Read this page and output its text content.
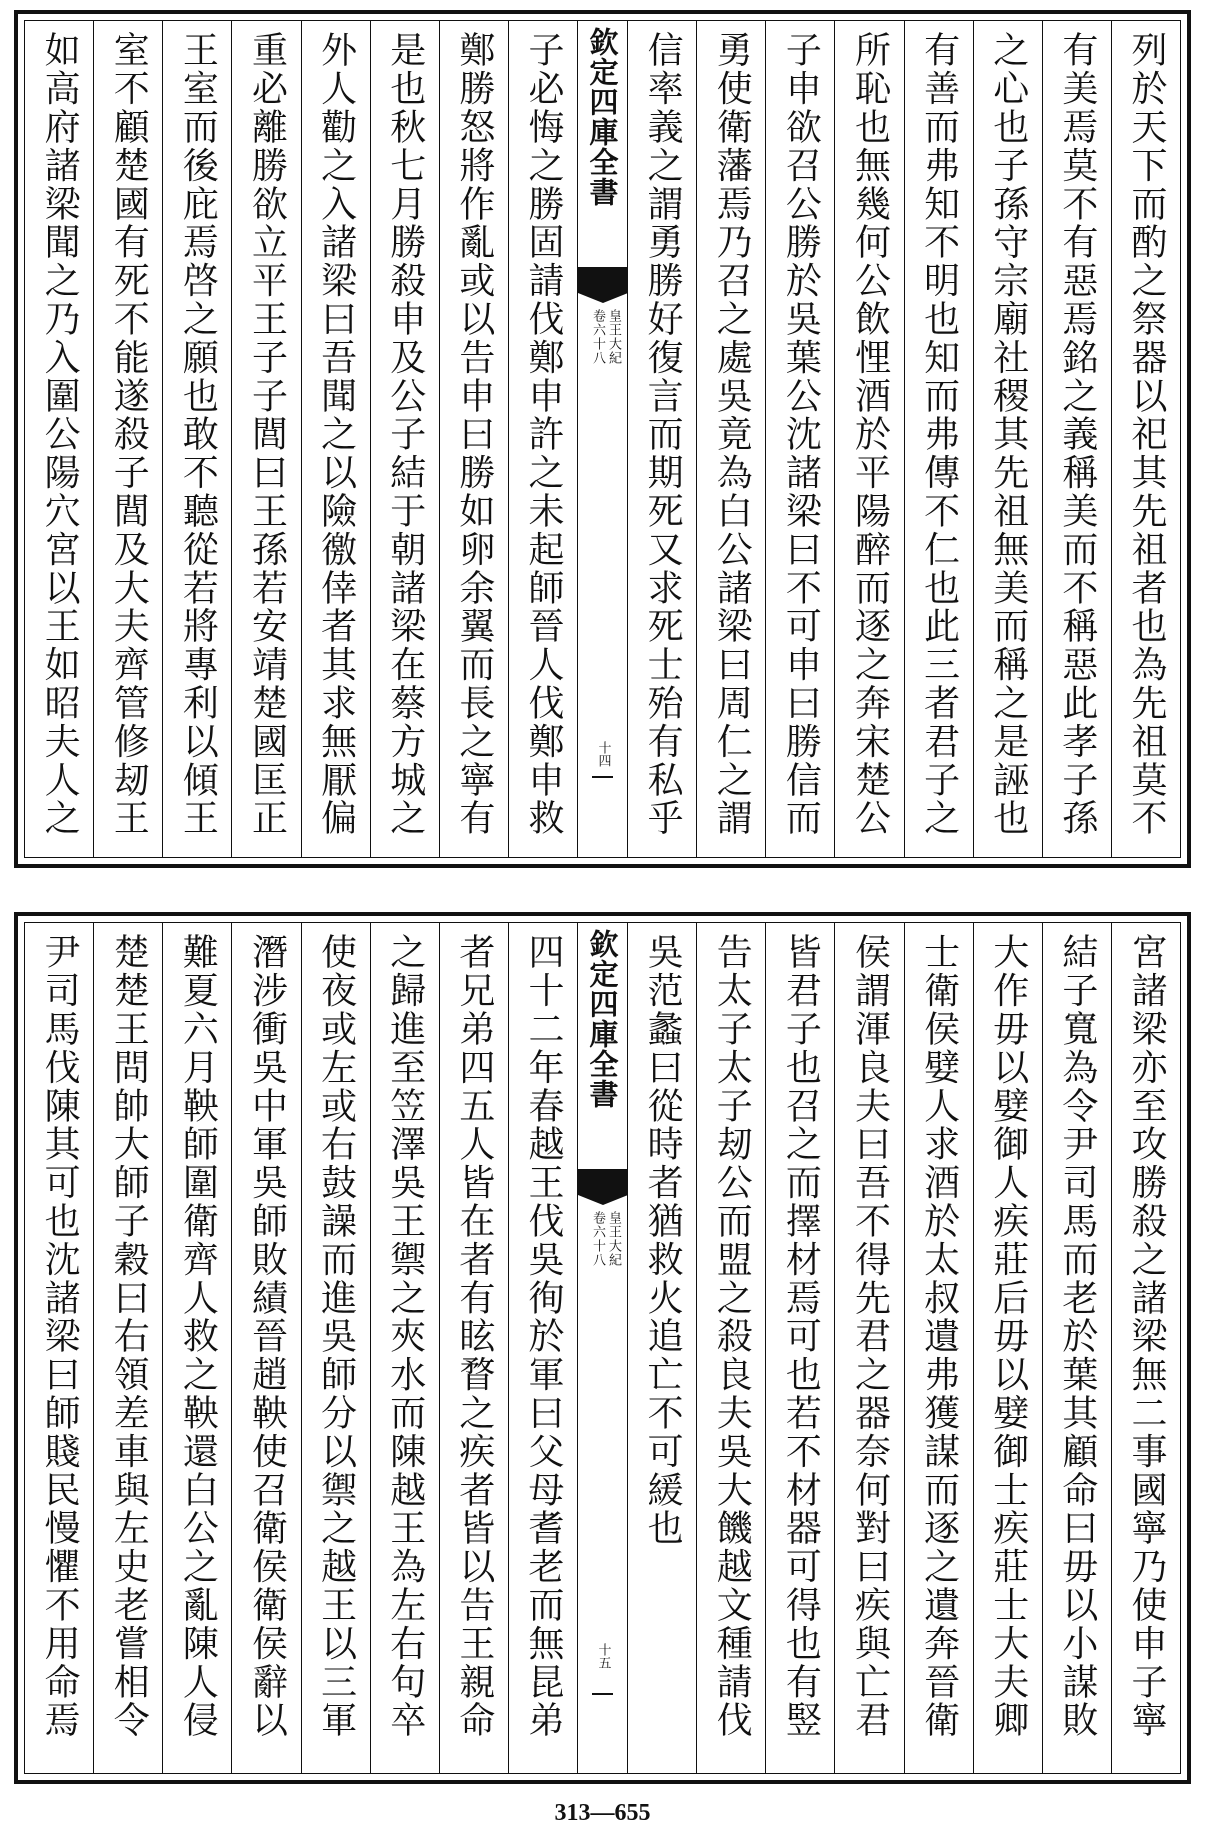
列於天下而酌之祭器以祀其先祖者也為先祖莫不
有美焉莫不有惡焉銘之義稱美而不稱惡此孝子孫
之心也子孫守宗廟社稷其先祖無美而稱之是誣也
有善而弗知不明也知而弗傳不仁也此三者君子之
所恥也無幾何公飲悝酒於平陽醉而逐之奔宋楚公
子申欲召公勝於吳葉公沈諸梁曰不可申曰勝信而
勇使衛藩焉乃召之處吳竟為白公諸梁曰周仁之謂
信率義之謂勇勝好復言而期死又求死士殆有私乎
欽定四庫全書
皇王大紀
卷六十八
十四
子必悔之勝固請伐鄭申許之未起師晉人伐鄭申救
鄭勝怒將作亂或以告申曰勝如卵余翼而長之寧有
是也秋七月勝殺申及公子結于朝諸梁在蔡方城之
外人勸之入諸梁曰吾聞之以險徼倖者其求無厭偏
重必離勝欲立平王子子閭曰王孫若安靖楚國匡正
王室而後庇焉啓之願也敢不聽從若將專利以傾王
室不顧楚國有死不能遂殺子閭及大夫齊管修刼王
如高府諸梁聞之乃入圍公陽穴宮以王如昭夫人之
宮諸梁亦至攻勝殺之諸梁無二事國寧乃使申子寧
結子寬為令尹司馬而老於葉其顧命曰毋以小謀敗
大作毋以嬖御人疾莊后毋以嬖御士疾莊士大夫卿
士衛侯嬖人求酒於太叔遺弗獲謀而逐之遺奔晉衛
侯謂渾良夫曰吾不得先君之器奈何對曰疾與亡君
皆君子也召之而擇材焉可也若不材器可得也有竪
告太子太子刼公而盟之殺良夫吳大饑越文種請伐
吳范蠡曰從時者猶救火追亡不可緩也
欽定四庫全書
皇王大紀
卷六十八
十五
四十二年春越王伐吳徇於軍曰父母耆老而無昆弟
者兄弟四五人皆在者有眩瞀之疾者皆以告王親命
之歸進至笠澤吳王禦之夾水而陳越王為左右句卒
使夜或左或右鼓譟而進吳師分以禦之越王以三軍
潛涉衝吳中軍吳師敗績晉趙鞅使召衛侯衛侯辭以
難夏六月鞅師圍衛齊人救之鞅還白公之亂陳人侵
楚楚王問帥大師子穀曰右領差車與左史老嘗相令
尹司馬伐陳其可也沈諸梁曰師賤民慢懼不用命焉
313—655
